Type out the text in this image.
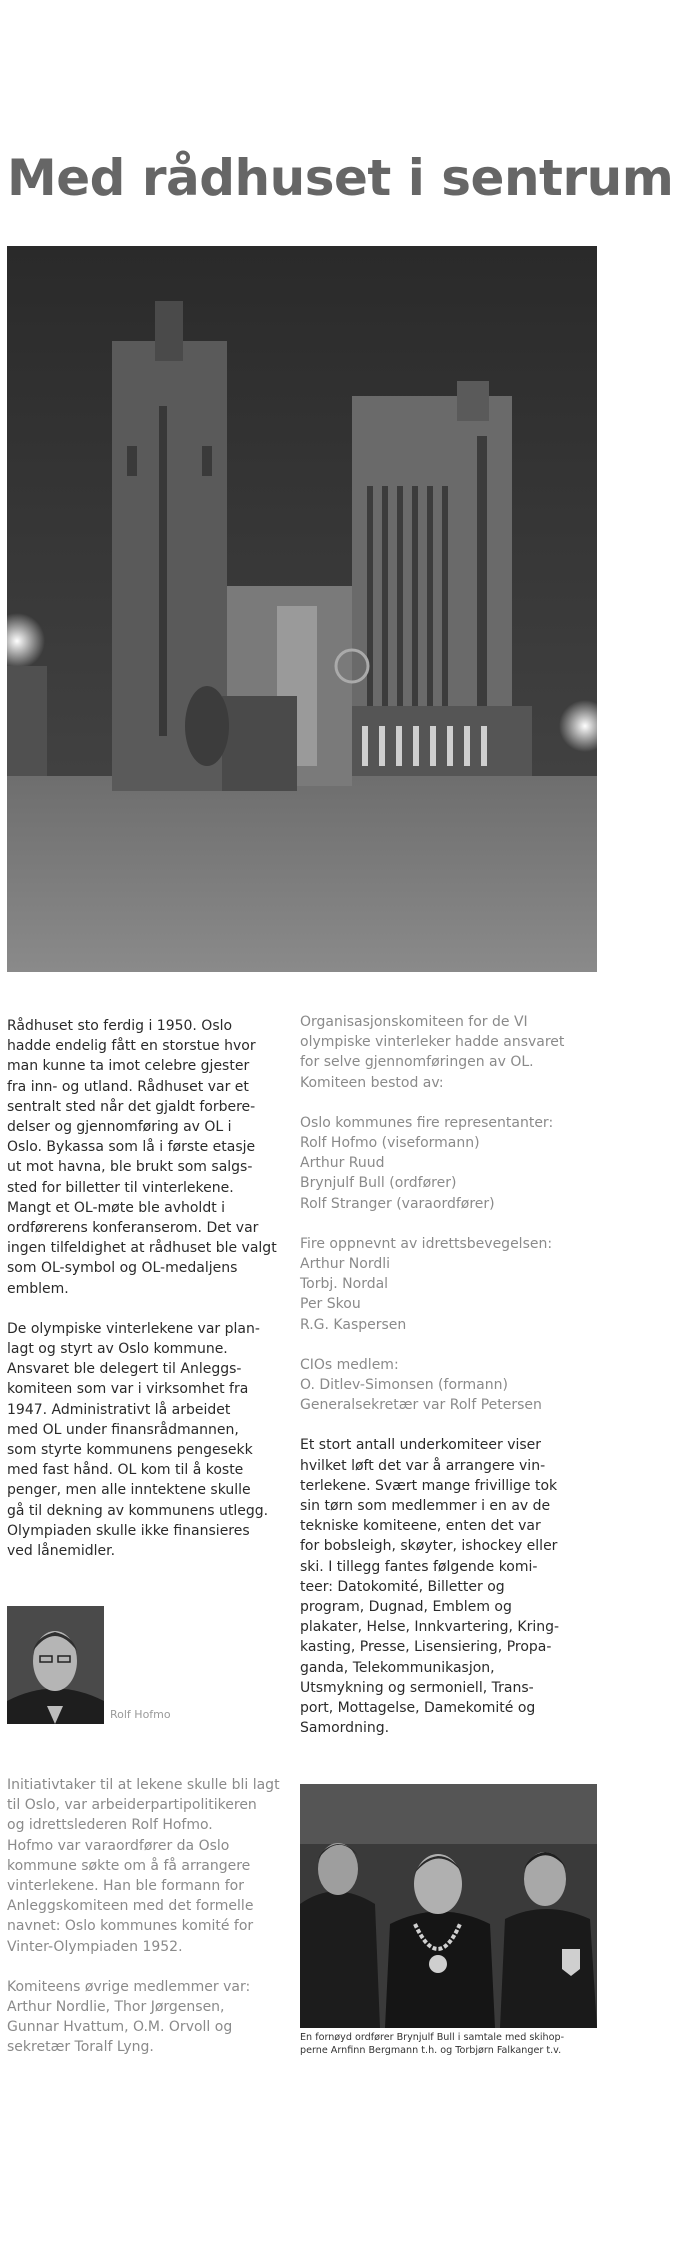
Med rådhuset i sentrum

Rådhuset sto ferdig i 1950. Oslo
hadde endelig fått en storstue hvor
man kunne ta imot celebre gjester
fra inn- og utland. Rådhuset var et
sentralt sted når det gjaldt forbere-
delser og gjennomføring av OL i
Oslo. Bykassa som lå i første etasje
ut mot havna, ble brukt som salgs-
sted for billetter til vinterlekene.
Mangt et OL-møte ble avholdt i
ordførerens konferanserom. Det var
ingen tilfeldighet at rådhuset ble valgt
som OL-symbol og OL-medaljens
emblem.

De olympiske vinterlekene var plan-
lagt og styrt av Oslo kommune.
Ansvaret ble delegert til Anleggs-
komiteen som var i virksomhet fra
1947. Administrativt lå arbeidet
med OL under finansrådmannen,
som styrte kommunens pengesekk
med fast hånd. OL kom til å koste
penger, men alle inntektene skulle
gå til dekning av kommunens utlegg.
Olympiaden skulle ikke finansieres
ved lånemidler.

Organisasjonskomiteen for de VI
olympiske vinterleker hadde ansvaret
for selve gjennomføringen av OL.
Komiteen bestod av:

Oslo kommunes fire representanter:
Rolf Hofmo (viseformann)
Arthur Ruud
Brynjulf Bull (ordfører)
Rolf Stranger (varaordfører)

Fire oppnevnt av idrettsbevegelsen:
Arthur Nordli
Torbj. Nordal
Per Skou
R.G. Kaspersen

CIOs medlem:
O. Ditlev-Simonsen (formann)
Generalsekretær var Rolf Petersen

Et stort antall underkomiteer viser
hvilket løft det var å arrangere vin-
terlekene. Svært mange frivillige tok
sin tørn som medlemmer i en av de
tekniske komiteene, enten det var
for bobsleigh, skøyter, ishockey eller
ski. I tillegg fantes følgende komi-
teer: Datokomité, Billetter og
program, Dugnad, Emblem og
plakater, Helse, Innkvartering, Kring-
kasting, Presse, Lisensiering, Propa-
ganda, Telekommunikasjon,
Utsmykning og sermoniell, Trans-
port, Mottagelse, Damekomité og
Samordning.

Rolf Hofmo

Initiativtaker til at lekene skulle bli lagt
til Oslo, var arbeiderpartipolitikeren
og idrettslederen Rolf Hofmo.
Hofmo var varaordfører da Oslo
kommune søkte om å få arrangere
vinterlekene. Han ble formann for
Anleggskomiteen med det formelle
navnet: Oslo kommunes komité for
Vinter-Olympiaden 1952.

Komiteens øvrige medlemmer var:
Arthur Nordlie, Thor Jørgensen,
Gunnar Hvattum, O.M. Orvoll og
sekretær Toralf Lyng.

En fornøyd ordfører Brynjulf Bull i samtale med skihop-
perne Arnfinn Bergmann t.h. og Torbjørn Falkanger t.v.
